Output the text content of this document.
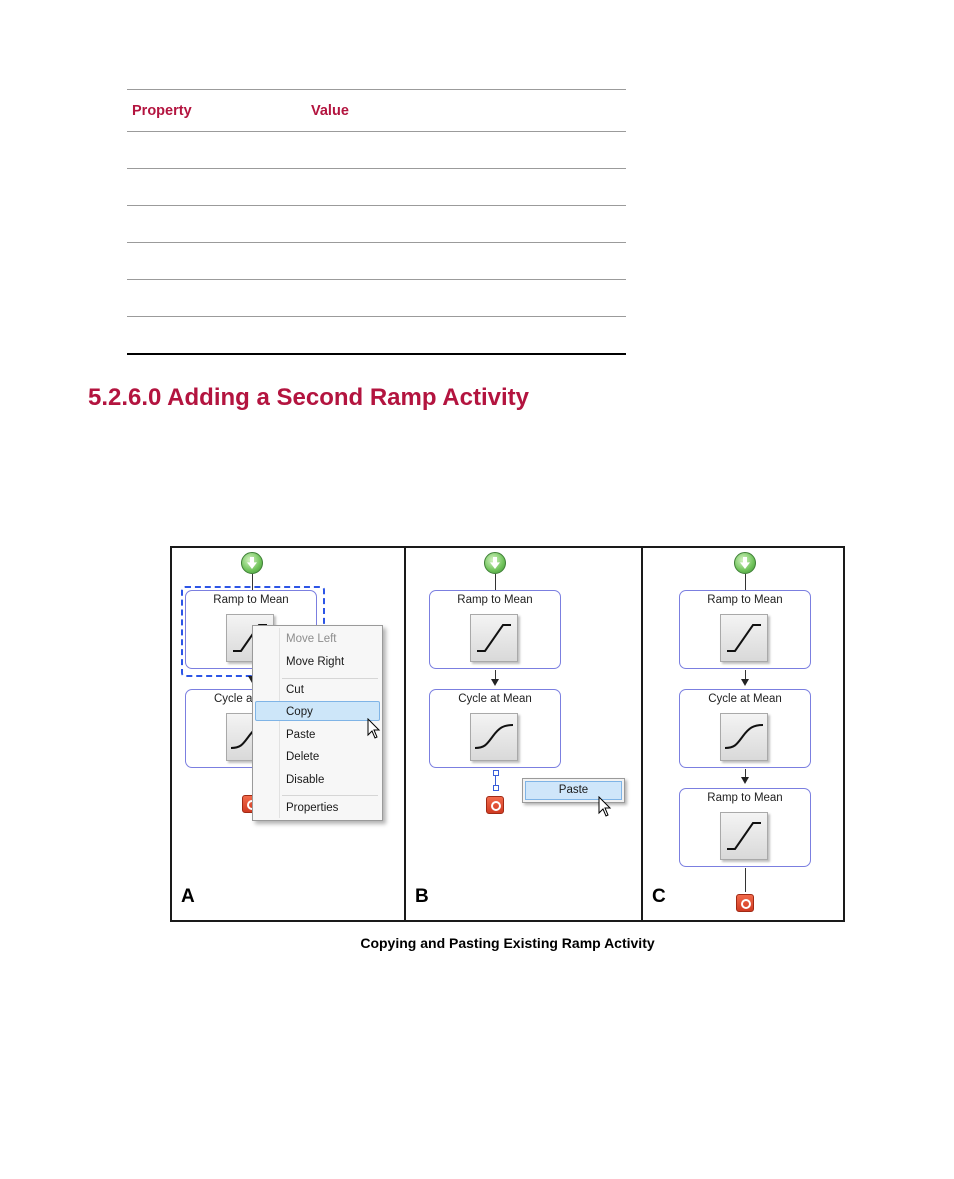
Property	Value
5.2.6.0 Adding a Second Ramp Activity
Ramp to Mean
Cycle a
Move Left
Move Right
Cut
Copy
Paste
Delete
Disable
Properties
A
Ramp to Mean
Cycle at Mean
Paste
B
Ramp to Mean
Cycle at Mean
Ramp to Mean
C
Copying and Pasting Existing Ramp Activity
